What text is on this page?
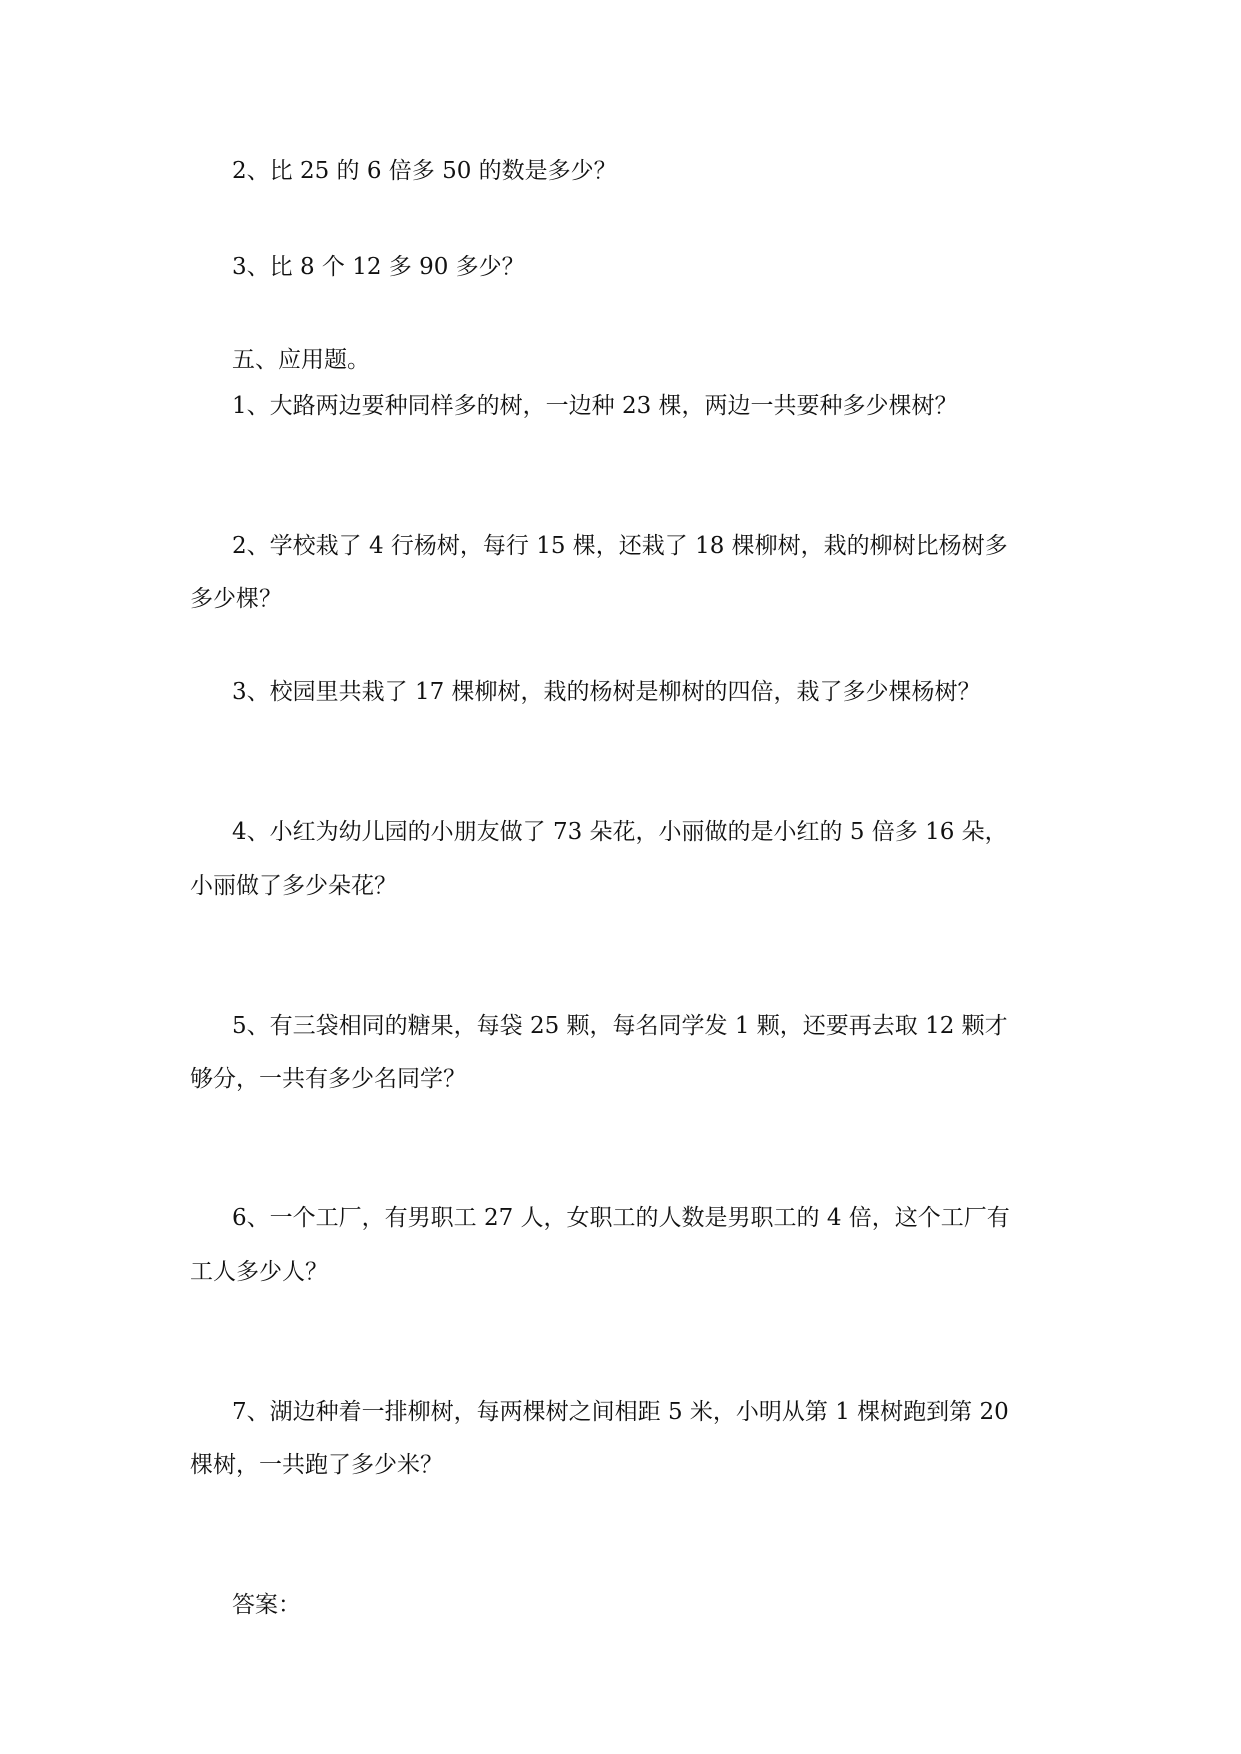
2、比 25 的 6 倍多 50 的数是多少？

3、比 8 个 12 多 90 多少？

五、应用题。

1、大路两边要种同样多的树，一边种 23 棵，两边一共要种多少棵树？

2、学校栽了 4 行杨树，每行 15 棵，还栽了 18 棵柳树，栽的柳树比杨树多

多少棵？

3、校园里共栽了 17 棵柳树，栽的杨树是柳树的四倍，栽了多少棵杨树？

4、小红为幼儿园的小朋友做了 73 朵花，小丽做的是小红的 5 倍多 16 朵，

小丽做了多少朵花？

5、有三袋相同的糖果，每袋 25 颗，每名同学发 1 颗，还要再去取 12 颗才

够分，一共有多少名同学？

6、一个工厂，有男职工 27 人，女职工的人数是男职工的 4 倍，这个工厂有

工人多少人？

7、湖边种着一排柳树，每两棵树之间相距 5 米，小明从第 1 棵树跑到第 20

棵树，一共跑了多少米？

答案：
